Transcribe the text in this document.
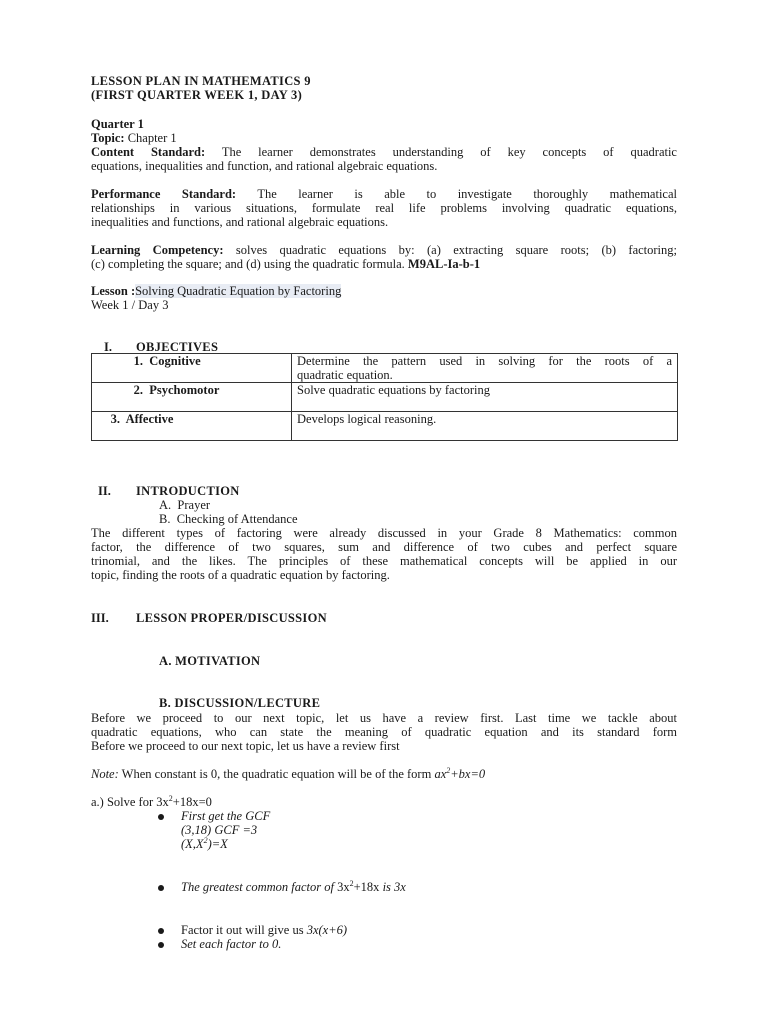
LESSON PLAN IN MATHEMATICS 9
(FIRST QUARTER WEEK 1, DAY 3)
Quarter 1
Topic: Chapter 1
Content Standard: The learner demonstrates understanding of key concepts of quadratic
equations, inequalities and function, and rational algebraic equations.
Performance Standard: The learner is able to investigate thoroughly mathematical
relationships in various situations, formulate real life problems involving quadratic equations,
inequalities and functions, and rational algebraic equations.
Learning Competency: solves quadratic equations by: (a) extracting square roots; (b) factoring;
(c) completing the square; and (d) using the quadratic formula. M9AL-Ia-b-1
Lesson :Solving Quadratic Equation by Factoring
Week 1 / Day 3
I. OBJECTIVES
1. Cognitive	Determine the pattern used in solving for the roots of a
quadratic equation.

2. Psychomotor	Solve quadratic equations by factoring

3. Affective	Develops logical reasoning.
II. INTRODUCTION
A. Prayer
B. Checking of Attendance
The different types of factoring were already discussed in your Grade 8 Mathematics: common
factor, the difference of two squares, sum and difference of two cubes and perfect square
trinomial, and the likes. The principles of these mathematical concepts will be applied in our
topic, finding the roots of a quadratic equation by factoring.
III. LESSON PROPER/DISCUSSION
A. MOTIVATION
B. DISCUSSION/LECTURE
Before we proceed to our next topic, let us have a review first. Last time we tackle about
quadratic equations, who can state the meaning of quadratic equation and its standard form
Before we proceed to our next topic, let us have a review first
Note: When constant is 0, the quadratic equation will be of the form $ax^2+bx=0$
a.) Solve for $3x^2+18x=0$
First get the GCF
(3,18) GCF =3
$(X,X^2)=X$
The greatest common factor of $3x^2+18x$ is 3x
Factor it out will give us 3x(x+6)
Set each factor to 0.
